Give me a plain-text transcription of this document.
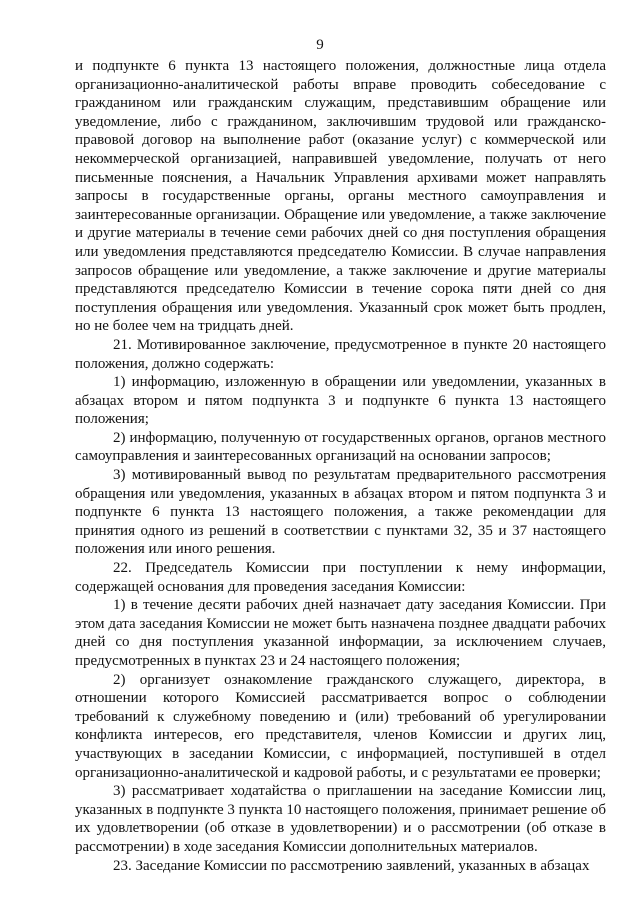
9

и подпункте 6 пункта 13 настоящего положения, должностные лица отдела организационно-аналитической работы вправе проводить собеседование с гражданином или гражданским служащим, представившим обращение или уведомление, либо с гражданином, заключившим трудовой или гражданско-правовой договор на выполнение работ (оказание услуг) с коммерческой или некоммерческой организацией, направившей уведомление, получать от него письменные пояснения, а Начальник Управления архивами может направлять запросы в государственные органы, органы местного самоуправления и заинтересованные организации. Обращение или уведомление, а также заключение и другие материалы в течение семи рабочих дней со дня поступления обращения или уведомления представляются председателю Комиссии. В случае направления запросов обращение или уведомление, а также заключение и другие материалы представляются председателю Комиссии в течение сорока пяти дней со дня поступления обращения или уведомления. Указанный срок может быть продлен, но не более чем на тридцать дней.

21. Мотивированное заключение, предусмотренное в пункте 20 настоящего положения, должно содержать:

1) информацию, изложенную в обращении или уведомлении, указанных в абзацах втором и пятом подпункта 3 и подпункте 6 пункта 13 настоящего положения;

2) информацию, полученную от государственных органов, органов местного самоуправления и заинтересованных организаций на основании запросов;

3) мотивированный вывод по результатам предварительного рассмотрения обращения или уведомления, указанных в абзацах втором и пятом подпункта 3 и подпункте 6 пункта 13 настоящего положения, а также рекомендации для принятия одного из решений в соответствии с пунктами 32, 35 и 37 настоящего положения или иного решения.

22. Председатель Комиссии при поступлении к нему информации, содержащей основания для проведения заседания Комиссии:

1) в течение десяти рабочих дней назначает дату заседания Комиссии. При этом дата заседания Комиссии не может быть назначена позднее двадцати рабочих дней со дня поступления указанной информации, за исключением случаев, предусмотренных в пунктах 23 и 24 настоящего положения;

2) организует ознакомление гражданского служащего, директора, в отношении которого Комиссией рассматривается вопрос о соблюдении требований к служебному поведению и (или) требований об урегулировании конфликта интересов, его представителя, членов Комиссии и других лиц, участвующих в заседании Комиссии, с информацией, поступившей в отдел организационно-аналитической и кадровой работы, и с результатами ее проверки;

3) рассматривает ходатайства о приглашении на заседание Комиссии лиц, указанных в подпункте 3 пункта 10 настоящего положения, принимает решение об их удовлетворении (об отказе в удовлетворении) и о рассмотрении (об отказе в рассмотрении) в ходе заседания Комиссии дополнительных материалов.

23. Заседание Комиссии по рассмотрению заявлений, указанных в абзацах
